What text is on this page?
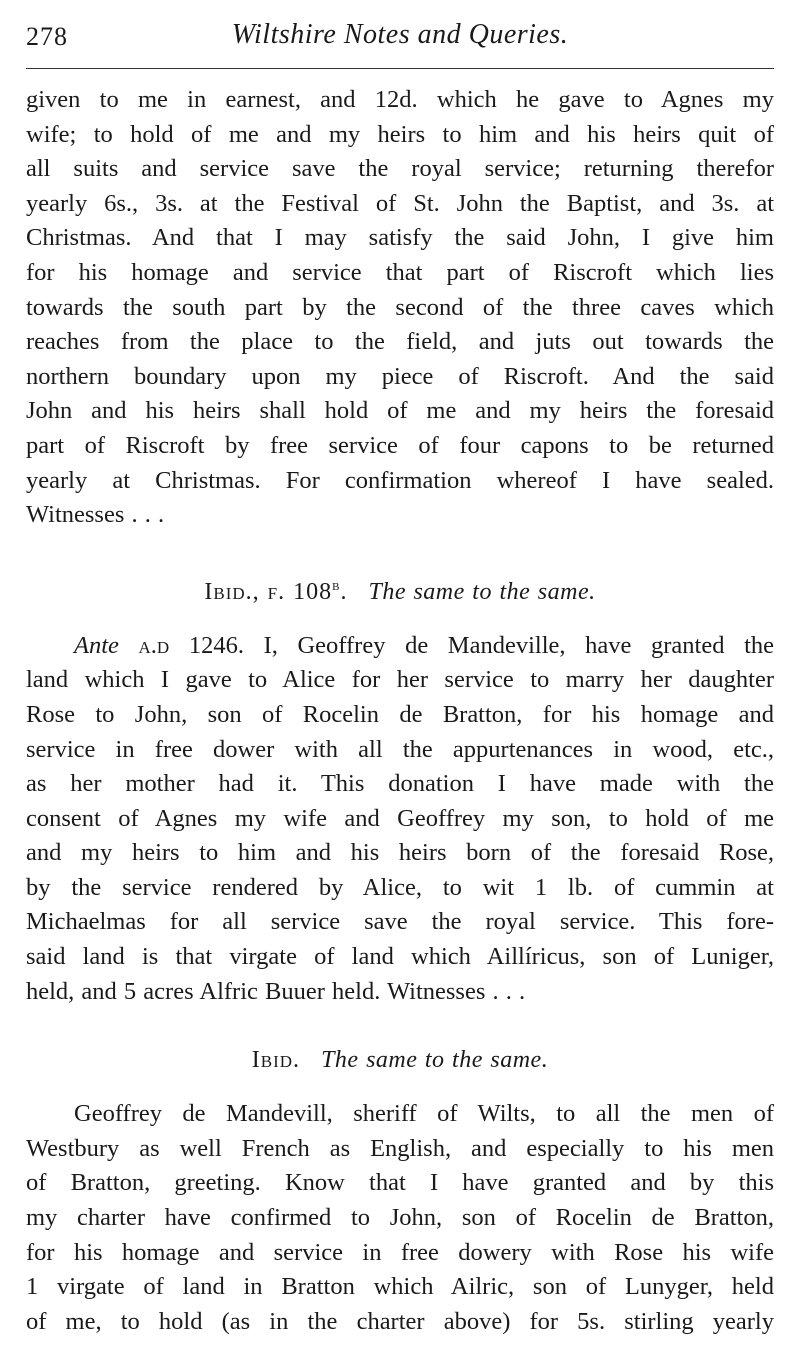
278	Wiltshire Notes and Queries.

given to me in earnest, and 12d. which he gave to Agnes my
wife; to hold of me and my heirs to him and his heirs quit of
all suits and service save the royal service; returning therefor
yearly 6s., 3s. at the Festival of St. John the Baptist, and 3s. at
Christmas. And that I may satisfy the said John, I give him
for his homage and service that part of Riscroft which lies
towards the south part by the second of the three caves which
reaches from the place to the field, and juts out towards the
northern boundary upon my piece of Riscroft. And the said
John and his heirs shall hold of me and my heirs the foresaid
part of Riscroft by free service of four capons to be returned
yearly at Christmas. For confirmation whereof I have sealed.
Witnesses . . .

Ibid., f. 108$^b$. The same to the same.

Ante a.d 1246. I, Geoffrey de Mandeville, have granted the
land which I gave to Alice for her service to marry her daughter
Rose to John, son of Rocelin de Bratton, for his homage and
service in free dower with all the appurtenances in wood, etc.,
as her mother had it. This donation I have made with the
consent of Agnes my wife and Geoffrey my son, to hold of me
and my heirs to him and his heirs born of the foresaid Rose,
by the service rendered by Alice, to wit 1 lb. of cummin at
Michaelmas for all service save the royal service. This fore-
said land is that virgate of land which Aillíricus, son of Luniger,
held, and 5 acres Alfric Buuer held. Witnesses . . .

Ibid. The same to the same.

Geoffrey de Mandevill, sheriff of Wilts, to all the men of
Westbury as well French as English, and especially to his men
of Bratton, greeting. Know that I have granted and by this
my charter have confirmed to John, son of Rocelin de Bratton,
for his homage and service in free dowery with Rose his wife
1 virgate of land in Bratton which Ailric, son of Lunyger, held
of me, to hold (as in the charter above) for 5s. stirling yearly
